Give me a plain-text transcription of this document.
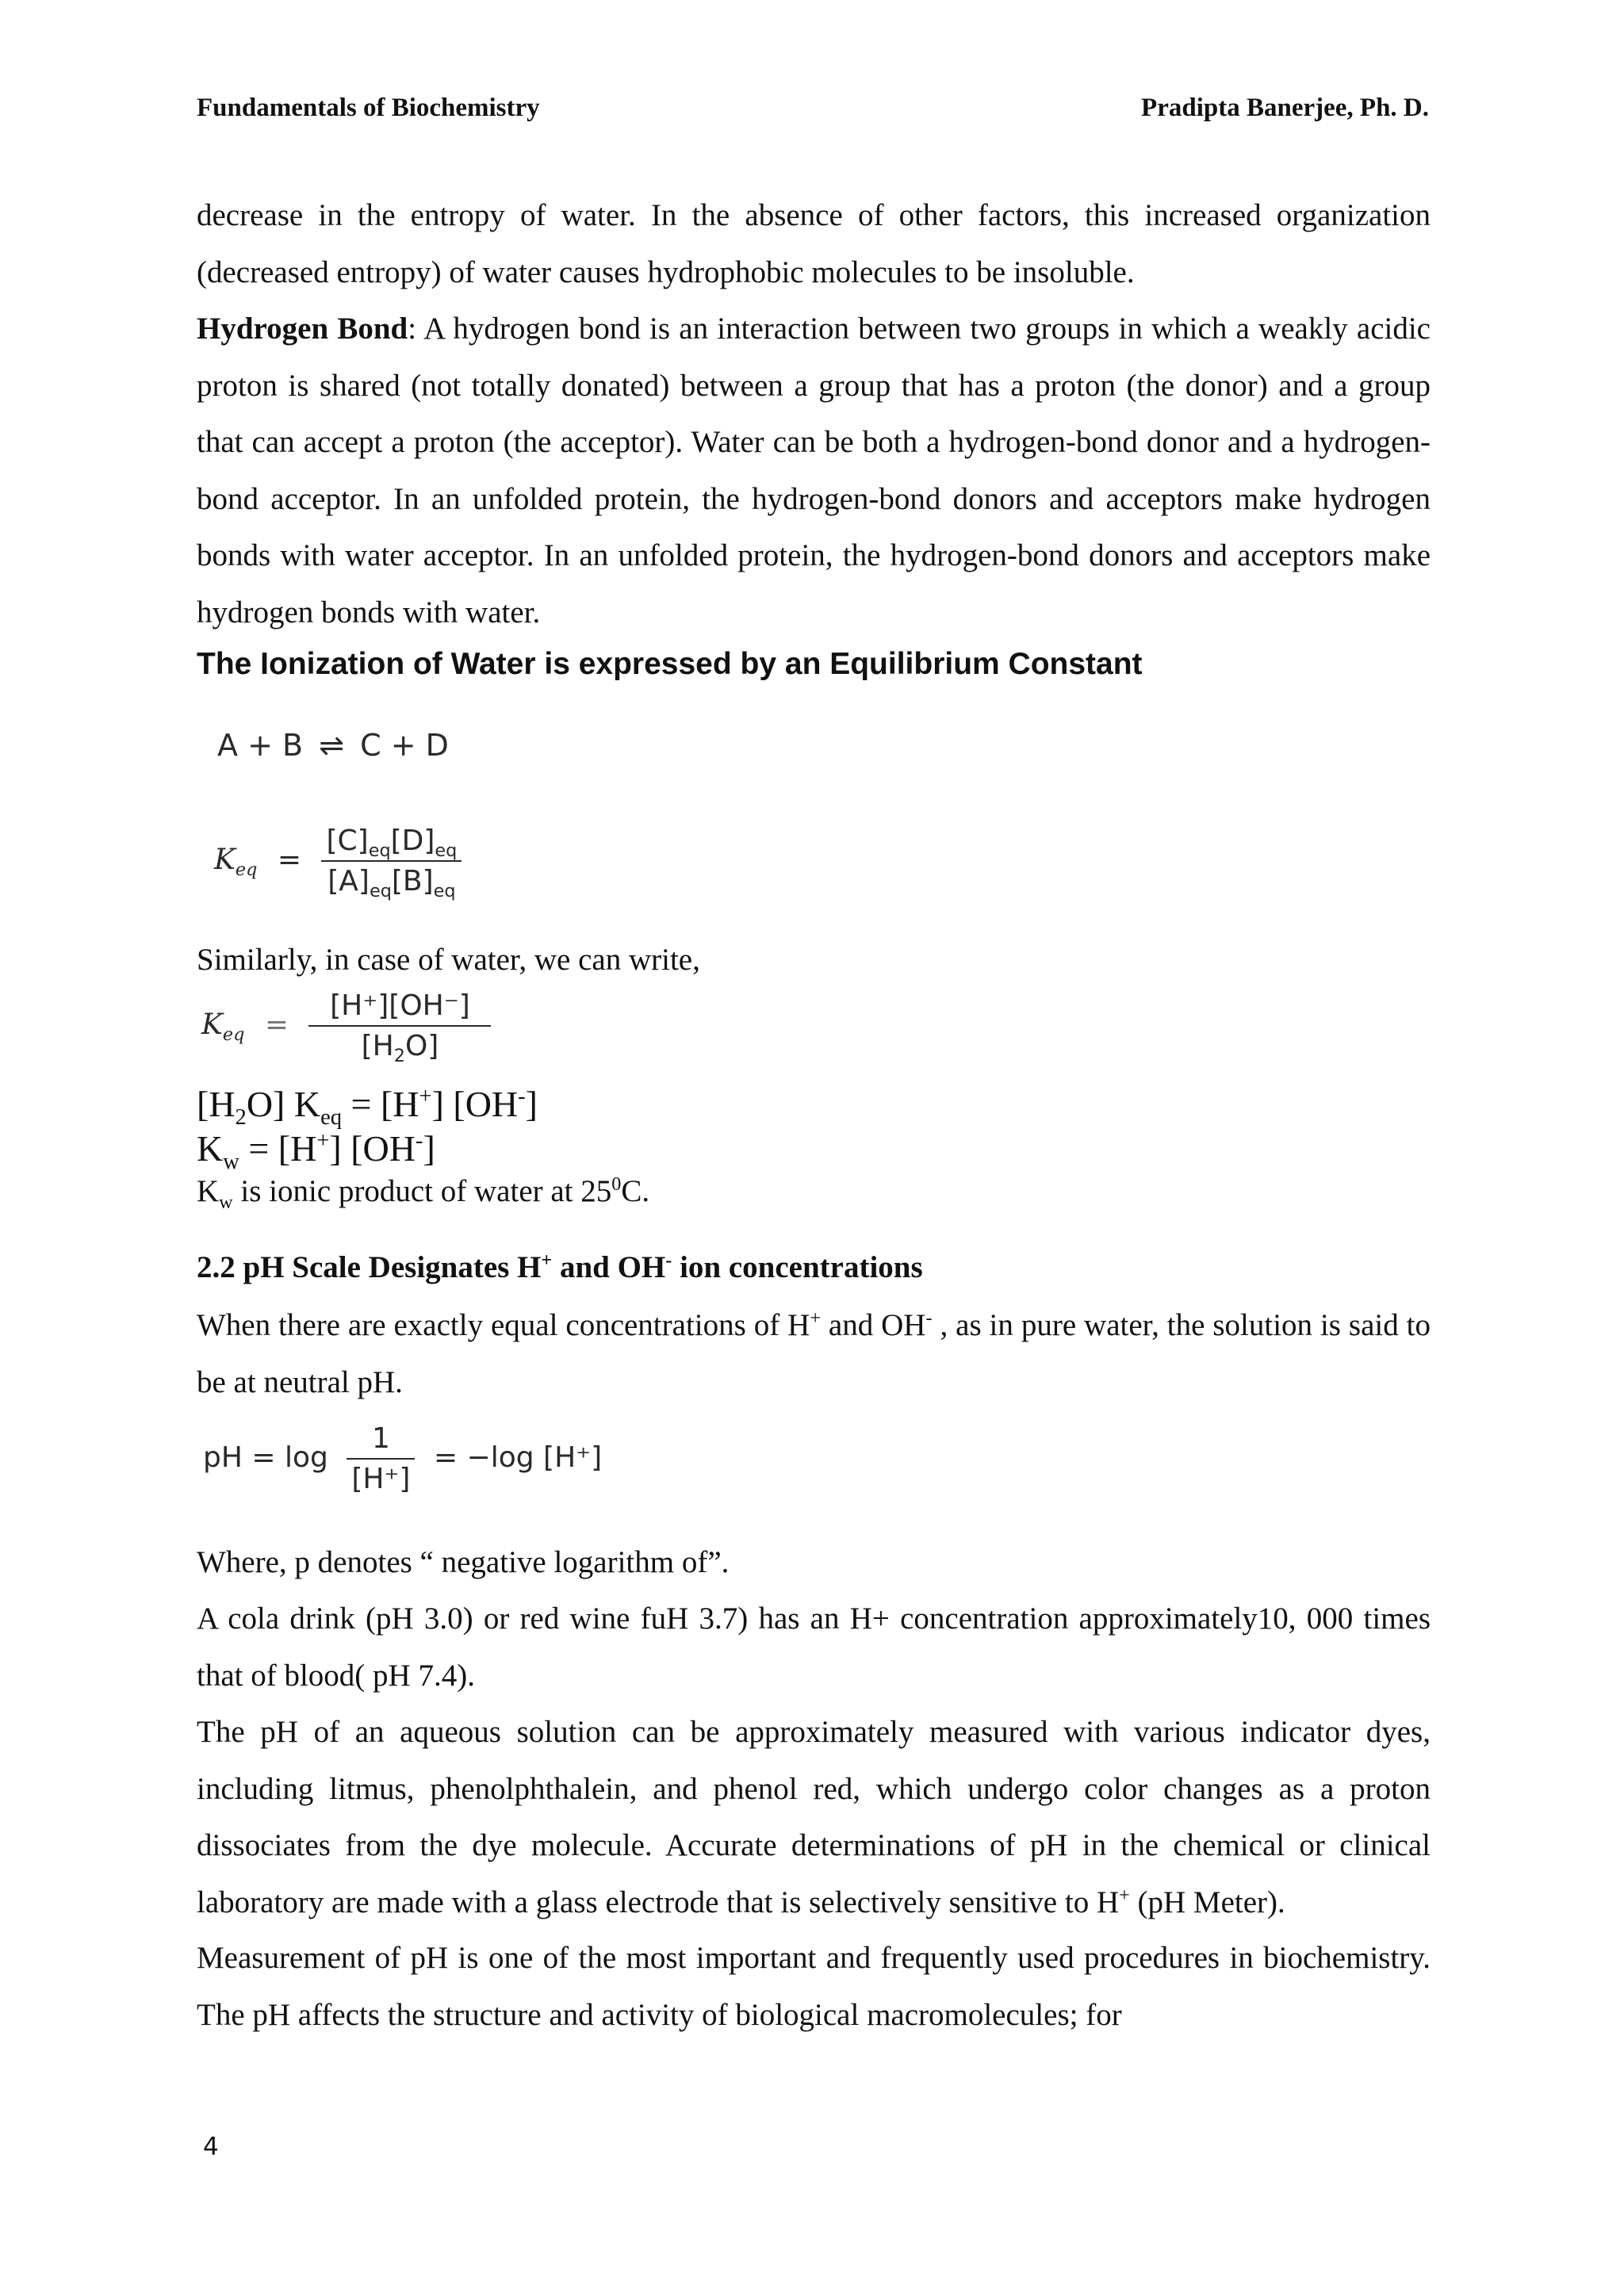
Fundamentals of Biochemistry	Pradipta Banerjee, Ph. D.

decrease in the entropy of water. In the absence of other factors, this increased organization (decreased entropy) of water causes hydrophobic molecules to be insoluble.

Hydrogen Bond: A hydrogen bond is an interaction between two groups in which a weakly acidic proton is shared (not totally donated) between a group that has a proton (the donor) and a group that can accept a proton (the acceptor). Water can be both a hydrogen-bond donor and a hydrogen-bond acceptor. In an unfolded protein, the hydrogen-bond donors and acceptors make hydrogen bonds with water acceptor. In an unfolded protein, the hydrogen-bond donors and acceptors make hydrogen bonds with water.

The Ionization of Water is expressed by an Equilibrium Constant
A + B ⇌ C + D
$K_{eq} = \frac{[C]_{eq}[D]_{eq}}{[A]_{eq}[B]_{eq}}$
Similarly, in case of water, we can write,
$K_{eq} = \frac{[H^+][OH^-]}{[H_2O]}$
$[H_2O] K_{eq} = [H^+]$ [OH-]
$K_w = [H^+]$ [OH-]
$K_w$ is ionic product of water at $25^0C$.
2.2 pH Scale Designates H+ and OH- ion concentrations

When there are exactly equal concentrations of H+ and OH- , as in pure water, the solution is said to be at neutral pH.

pH = $\log \frac{1}{[H^+]} = -\log$ [H⁺]
Where, p denotes “ negative logarithm of”.

A cola drink (pH 3.0) or red wine fuH 3.7) has an H+ concentration approximately10, 000 times that of blood( pH 7.4).

The pH of an aqueous solution can be approximately measured with various indicator dyes, including litmus, phenolphthalein, and phenol red, which undergo color changes as a proton dissociates from the dye molecule. Accurate determinations of pH in the chemical or clinical laboratory are made with a glass electrode that is selectively sensitive to H+ (pH Meter).

Measurement of pH is one of the most important and frequently used procedures in biochemistry. The pH affects the structure and activity of biological macromolecules; for

4
